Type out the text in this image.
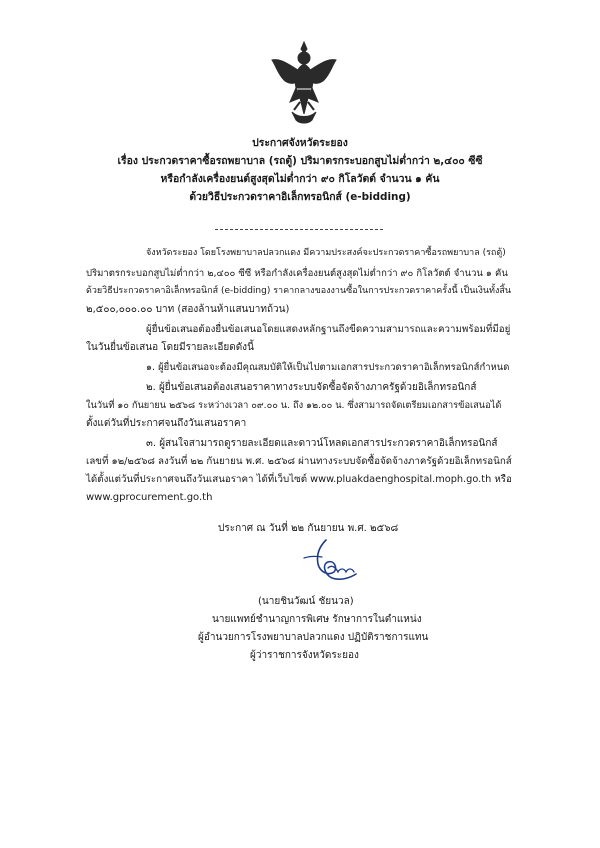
ประกาศจังหวัดระยอง
เรื่อง ประกวดราคาซื้อรถพยาบาล (รถตู้) ปริมาตรกระบอกสูบไม่ต่ำกว่า ๒,๔๐๐ ซีซี
หรือกำลังเครื่องยนต์สูงสุดไม่ต่ำกว่า ๙๐ กิโลวัตต์ จำนวน ๑ คัน
ด้วยวิธีประกวดราคาอิเล็กทรอนิกส์ (e-bidding)
จังหวัดระยอง โดยโรงพยาบาลปลวกแดง มีความประสงค์จะประกวดราคาซื้อรถพยาบาล (รถตู้)
ปริมาตรกระบอกสูบไม่ต่ำกว่า ๒,๔๐๐ ซีซี หรือกำลังเครื่องยนต์สูงสุดไม่ต่ำกว่า ๙๐ กิโลวัตต์ จำนวน ๑ คัน
ด้วยวิธีประกวดราคาอิเล็กทรอนิกส์ (e-bidding) ราคากลางของงานซื้อในการประกวดราคาครั้งนี้ เป็นเงินทั้งสิ้น
๒,๕๐๐,๐๐๐.๐๐ บาท (สองล้านห้าแสนบาทถ้วน)
ผู้ยื่นข้อเสนอต้องยื่นข้อเสนอโดยแสดงหลักฐานถึงขีดความสามารถและความพร้อมที่มีอยู่
ในวันยื่นข้อเสนอ โดยมีรายละเอียดดังนี้
๑. ผู้ยื่นข้อเสนอจะต้องมีคุณสมบัติให้เป็นไปตามเอกสารประกวดราคาอิเล็กทรอนิกส์กำหนด
๒. ผู้ยื่นข้อเสนอต้องเสนอราคาทางระบบจัดซื้อจัดจ้างภาครัฐด้วยอิเล็กทรอนิกส์
ในวันที่ ๑๐ กันยายน ๒๕๖๘ ระหว่างเวลา ๐๙.๐๐ น. ถึง ๑๒.๐๐ น. ซึ่งสามารถจัดเตรียมเอกสารข้อเสนอได้
ตั้งแต่วันที่ประกาศจนถึงวันเสนอราคา
๓. ผู้สนใจสามารถดูรายละเอียดและดาวน์โหลดเอกสารประกวดราคาอิเล็กทรอนิกส์
เลขที่ ๑๒/๒๕๖๘ ลงวันที่ ๒๒ กันยายน พ.ศ. ๒๕๖๘ ผ่านทางระบบจัดซื้อจัดจ้างภาครัฐด้วยอิเล็กทรอนิกส์
ได้ตั้งแต่วันที่ประกาศจนถึงวันเสนอราคา ได้ที่เว็บไซต์ www.pluakdaenghospital.moph.go.th หรือ
www.gprocurement.go.th
ประกาศ ณ วันที่ ๒๒ กันยายน พ.ศ. ๒๕๖๘
(นายชินวัฒน์ ชัยนวล)
นายแพทย์ชำนาญการพิเศษ รักษาการในตำแหน่ง
ผู้อำนวยการโรงพยาบาลปลวกแดง ปฏิบัติราชการแทน
ผู้ว่าราชการจังหวัดระยอง
